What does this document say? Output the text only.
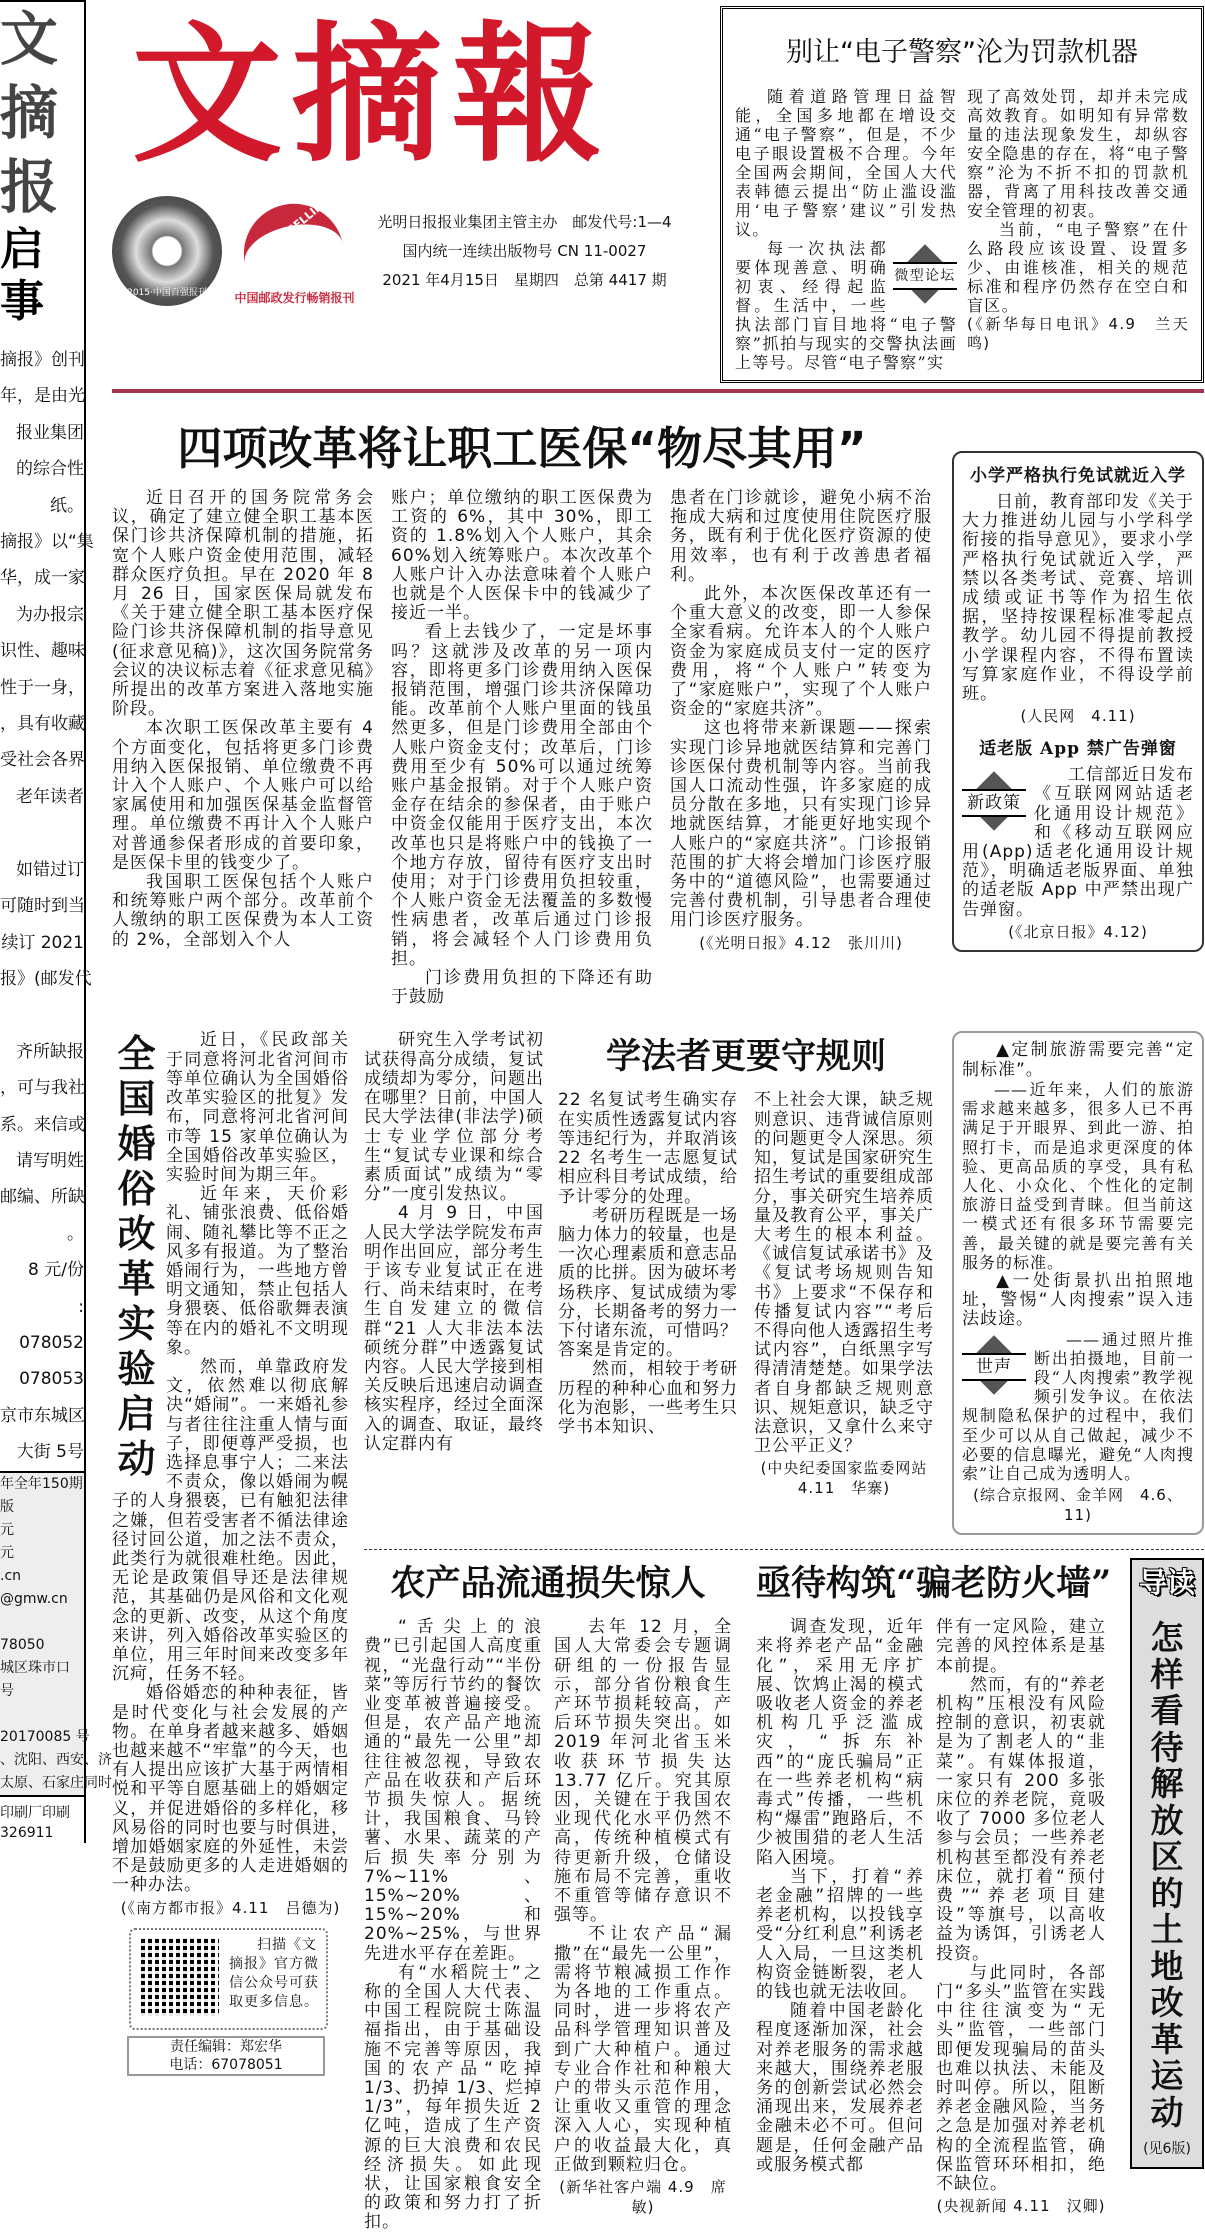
文
摘
报
启
事
摘报》创刊
年，是由光
报业集团
的综合性
纸。
摘报》以“集
华，成一家
为办报宗
识性、趣味
性于一身，
，具有收藏
受社会各界
老年读者

如错过订
可随时到当
续订 2021
报》(邮发代

齐所缺报
，可与我社
系。来信或
请写明姓
邮编、所缺
。
8 元/份
:
078052
078053
京市东城区
大街 5号
年全年150期
版
元
元
.cn
@gmw.cn

78050
城区珠市口
号

20170085 号
、沈阳、西安、济
太原、石家庄同时
印刷厂印刷
326911
文摘報
2015·中国百强报刊
BEST SELLING
中国邮政发行畅销报刊
光明日报报业集团主管主办　邮发代号:1—4
国内统一连续出版物号 CN 11-0027
2021 年4月15日　星期四　总第 4417 期
别让“电子警察”沦为罚款机器

随着道路管理日益智能，全国多地都在增设交通“电子警察”，但是，不少电子眼设置极不合理。今年全国两会期间，全国人大代表韩德云提出“防止滥设滥用‘电子警察’建议”引发热议。

微型论坛

每一次执法都要体现善意、明确初衷、经得起监督。生活中，一些执法部门盲目地将“电子警察”抓拍与现实的交警执法画上等号。尽管“电子警察”实

现了高效处罚，却并未完成高效教育。如明知有异常数量的违法现象发生，却纵容安全隐患的存在，将“电子警察”沦为不折不扣的罚款机器，背离了用科技改善交通安全管理的初衷。

当前，“电子警察”在什么路段应该设置、设置多少、由谁核准，相关的规范标准和程序仍然存在空白和盲区。

(《新华每日电讯》4.9　兰天鸣)
四项改革将让职工医保“物尽其用”

近日召开的国务院常务会议，确定了建立健全职工基本医保门诊共济保障机制的措施，拓宽个人账户资金使用范围，减轻群众医疗负担。早在 2020 年 8 月 26 日，国家医保局就发布《关于建立健全职工基本医疗保险门诊共济保障机制的指导意见(征求意见稿)》，这次国务院常务会议的决议标志着《征求意见稿》所提出的改革方案进入落地实施阶段。

本次职工医保改革主要有 4 个方面变化，包括将更多门诊费用纳入医保报销、单位缴费不再计入个人账户、个人账户可以给家属使用和加强医保基金监督管理。单位缴费不再计入个人账户对普通参保者形成的首要印象，是医保卡里的钱变少了。

我国职工医保包括个人账户和统筹账户两个部分。改革前个人缴纳的职工医保费为本人工资的 2%，全部划入个人

账户；单位缴纳的职工医保费为工资的 6%，其中 30%，即工资的 1.8%划入个人账户，其余 60%划入统筹账户。本次改革个人账户计入办法意味着个人账户也就是个人医保卡中的钱减少了接近一半。

看上去钱少了，一定是坏事吗？这就涉及改革的另一项内容，即将更多门诊费用纳入医保报销范围，增强门诊共济保障功能。改革前个人账户里面的钱虽然更多，但是门诊费用全部由个人账户资金支付；改革后，门诊费用至少有 50%可以通过统筹账户基金报销。对于个人账户资金存在结余的参保者，由于账户中资金仅能用于医疗支出，本次改革也只是将账户中的钱换了一个地方存放，留待有医疗支出时使用；对于门诊费用负担较重，个人账户资金无法覆盖的多数慢性病患者，改革后通过门诊报销，将会减轻个人门诊费用负担。

门诊费用负担的下降还有助于鼓励

患者在门诊就诊，避免小病不治拖成大病和过度使用住院医疗服务，既有利于优化医疗资源的使用效率，也有利于改善患者福利。

此外，本次医保改革还有一个重大意义的改变，即一人参保全家看病。允许本人的个人账户资金为家庭成员支付一定的医疗费用，将“个人账户”转变为了“家庭账户”，实现了个人账户资金的“家庭共济”。

这也将带来新课题——探索实现门诊异地就医结算和完善门诊医保付费机制等内容。当前我国人口流动性强，许多家庭的成员分散在多地，只有实现门诊异地就医结算，才能更好地实现个人账户的“家庭共济”。门诊报销范围的扩大将会增加门诊医疗服务中的“道德风险”，也需要通过完善付费机制，引导患者合理使用门诊医疗服务。

(《光明日报》4.12　张川川)
小学严格执行免试就近入学

日前，教育部印发《关于大力推进幼儿园与小学科学衔接的指导意见》，要求小学严格执行免试就近入学，严禁以各类考试、竞赛、培训成绩或证书等作为招生依据，坚持按课程标准零起点教学。幼儿园不得提前教授小学课程内容，不得布置读写算家庭作业，不得设学前班。

(人民网　4.11)
适老版 App 禁广告弹窗
新政策

工信部近日发布《互联网网站适老化通用设计规范》和《移动互联网应用(App)适老化通用设计规范》，明确适老版界面、单独的适老版 App 中严禁出现广告弹窗。

(《北京日报》4.12)
全
国
婚
俗
改
革
实
验
启
动

近日，《民政部关于同意将河北省河间市等单位确认为全国婚俗改革实验区的批复》发布，同意将河北省河间市等 15 家单位确认为全国婚俗改革实验区，实验时间为期三年。

近年来，天价彩礼、铺张浪费、低俗婚闹、随礼攀比等不正之风多有报道。为了整治婚闹行为，一些地方曾明文通知，禁止包括人身猥亵、低俗歌舞表演等在内的婚礼不文明现象。

然而，单靠政府发文，依然难以彻底解决“婚闹”。一来婚礼参与者往往注重人情与面子，即便尊严受损，也选择息事宁人；二来法不责众，像以婚闹为幌子的人身猥亵，已有触犯法律之嫌，但若受害者不循法律途径讨回公道，加之法不责众，此类行为就很难杜绝。因此，无论是政策倡导还是法律规范，其基础仍是风俗和文化观念的更新、改变，从这个角度来讲，列入婚俗改革实验区的单位，用三年时间来改变多年沉疴，任务不轻。

婚俗婚恋的种种表征，皆是时代变化与社会发展的产物。在单身者越来越多、婚姻也越来越不“牢靠”的今天，也有人提出应该扩大基于两情相悦和平等自愿基础上的婚姻定义，并促进婚俗的多样化，移风易俗的同时也要与时俱进，增加婚姻家庭的外延性，未尝不是鼓励更多的人走进婚姻的一种办法。

(《南方都市报》4.11　吕德为)
扫描《文摘报》官方微信公众号可获取更多信息。
责任编辑：郑宏华
电话：67078051

研究生入学考试初试获得高分成绩，复试成绩却为零分，问题出在哪里？日前，中国人民大学法律(非法学)硕士专业学位部分考生“复试专业课和综合素质面试”成绩为“零分”一度引发热议。

4 月 9 日，中国人民大学法学院发布声明作出回应，部分考生于该专业复试正在进行、尚未结束时，在考生自发建立的微信群“21 人大非法本法硕统分群”中透露复试内容。人民大学接到相关反映后迅速启动调查核实程序，经过全面深入的调查、取证，最终认定群内有

学法者更要守规则
22 名复试考生确实存在实质性透露复试内容等违纪行为，并取消该 22 名考生一志愿复试相应科目考试成绩，给予计零分的处理。

考研历程既是一场脑力体力的较量，也是一次心理素质和意志品质的比拼。因为破坏考场秩序、复试成绩为零分，长期备考的努力一下付诸东流，可惜吗？答案是肯定的。

然而，相较于考研历程的种种心血和努力化为泡影，一些考生只学书本知识、

不上社会大课，缺乏规则意识、违背诚信原则的问题更令人深思。须知，复试是国家研究生招生考试的重要组成部分，事关研究生培养质量及教育公平，事关广大考生的根本利益。《诚信复试承诺书》及《复试考场规则告知书》上要求“不保存和传播复试内容”“考后不得向他人透露招生考试内容”，白纸黑字写得清清楚楚。如果学法者自身都缺乏规则意识、规矩意识，缺乏守法意识，又拿什么来守卫公平正义？
(中央纪委国家监委网站 4.11　华寨)

▲定制旅游需要完善“定制标准”。

——近年来，人们的旅游需求越来越多，很多人已不再满足于开眼界、到此一游、拍照打卡，而是追求更深度的体验、更高品质的享受，具有私人化、小众化、个性化的定制旅游日益受到青睐。但当前这一模式还有很多环节需要完善，最关键的就是要完善有关服务的标准。

▲一处街景扒出拍照地址，警惕“人肉搜索”误入违法歧途。

世声

——通过照片推断出拍摄地，目前一段“人肉搜索”教学视频引发争议。在依法规制隐私保护的过程中，我们至少可以从自己做起，减少不必要的信息曝光，避免“人肉搜索”让自己成为透明人。

(综合京报网、金羊网　4.6、11)
农产品流通损失惊人

“舌尖上的浪费”已引起国人高度重视，“光盘行动”“半份菜”等厉行节约的餐饮业变革被普遍接受。但是，农产品产地流通的“最先一公里”却往往被忽视，导致农产品在收获和产后环节损失惊人。据统计，我国粮食、马铃薯、水果、蔬菜的产后损失率分别为 7%~11%、15%~20%、15%~20%和 20%~25%，与世界先进水平存在差距。

有“水稻院士”之称的全国人大代表、中国工程院院士陈温福指出，由于基础设施不完善等原因，我国的农产品“吃掉 1/3、扔掉 1/3、烂掉 1/3”，每年损失近 2 亿吨，造成了生产资源的巨大浪费和农民经济损失。如此现状，让国家粮食安全的政策和努力打了折扣。

去年 12 月，全国人大常委会专题调研组的一份报告显示，部分省份粮食生产环节损耗较高，产后环节损失突出。如 2019 年河北省玉米收获环节损失达 13.77 亿斤。究其原因，关键在于我国农业现代化水平仍然不高，传统种植模式有待更新升级，仓储设施布局不完善，重收不重管等储存意识不强等。

不让农产品“漏撒”在“最先一公里”，需将节粮减损工作作为各地的工作重点。同时，进一步将农产品科学管理知识普及到广大种植户。通过专业合作社和种粮大户的带头示范作用，让重收又重管的理念深入人心，实现种植户的收益最大化，真正做到颗粒归仓。

(新华社客户端 4.9　席敏)
亟待构筑“骗老防火墙”

调查发现，近年来将养老产品“金融化”，采用无序扩展、饮鸩止渴的模式吸收老人资金的养老机构几乎泛滥成灾，“拆东补西”的“庞氏骗局”正在一些养老机构“病毒式”传播，一些机构“爆雷”跑路后，不少被围猎的老人生活陷入困境。

当下，打着“养老金融”招牌的一些养老机构，以投钱享受“分红利息”利诱老人入局，一旦这类机构资金链断裂，老人的钱也就无法收回。

随着中国老龄化程度逐渐加深，社会对养老服务的需求越来越大，围绕养老服务的创新尝试必然会涌现出来，发展养老金融未必不可。但问题是，任何金融产品或服务模式都

伴有一定风险，建立完善的风控体系是基本前提。

然而，有的“养老机构”压根没有风险控制的意识，初衷就是为了割老人的“韭菜”。有媒体报道，一家只有 200 多张床位的养老院，竟吸收了 7000 多位老人参与会员；一些养老机构甚至都没有养老床位，就打着“预付费”“养老项目建设”等旗号，以高收益为诱饵，引诱老人投资。

与此同时，各部门“多头”监管在实践中往往演变为“无头”监管，一些部门即便发现骗局的苗头也难以执法、未能及时叫停。所以，阻断养老金融风险，当务之急是加强对养老机构的全流程监管，确保监管环环相扣，绝不缺位。

(央视新闻 4.11　汉卿)
导读
怎
样
看
待
解
放
区
的
土
地
改
革
运
动
(见6版)
